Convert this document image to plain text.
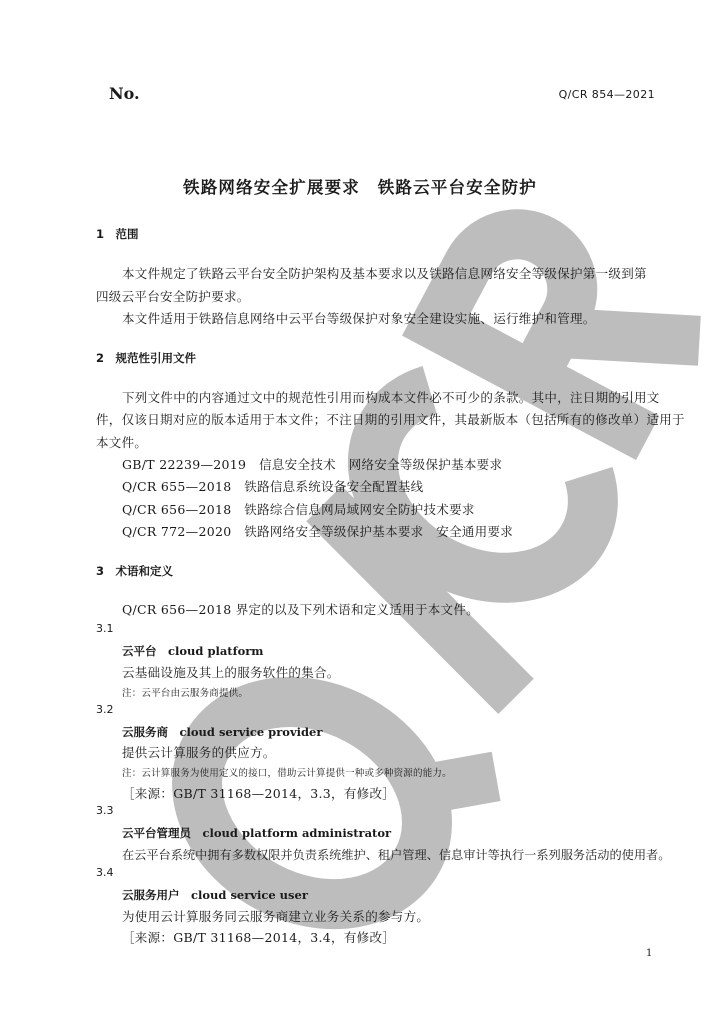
No.	Q/CR 854—2021
铁路网络安全扩展要求　铁路云平台安全防护
1　范围
本文件规定了铁路云平台安全防护架构及基本要求以及铁路信息网络安全等级保护第一级到第
四级云平台安全防护要求。
本文件适用于铁路信息网络中云平台等级保护对象安全建设实施、运行维护和管理。
2　规范性引用文件
下列文件中的内容通过文中的规范性引用而构成本文件必不可少的条款。其中，注日期的引用文
件，仅该日期对应的版本适用于本文件；不注日期的引用文件，其最新版本（包括所有的修改单）适用于
本文件。
GB/T 22239—2019　信息安全技术　网络安全等级保护基本要求
Q/CR 655—2018　铁路信息系统设备安全配置基线
Q/CR 656—2018　铁路综合信息网局域网安全防护技术要求
Q/CR 772—2020　铁路网络安全等级保护基本要求　安全通用要求
3　术语和定义
Q/CR 656—2018 界定的以及下列术语和定义适用于本文件。
3.1
云平台　cloud platform
云基础设施及其上的服务软件的集合。
注：云平台由云服务商提供。
3.2
云服务商　cloud service provider
提供云计算服务的供应方。
注：云计算服务为使用定义的接口，借助云计算提供一种或多种资源的能力。
［来源：GB/T 31168—2014，3.3，有修改］
3.3
云平台管理员　cloud platform administrator
在云平台系统中拥有多数权限并负责系统维护、租户管理、信息审计等执行一系列服务活动的使用者。
3.4
云服务用户　cloud service user
为使用云计算服务同云服务商建立业务关系的参与方。
［来源：GB/T 31168—2014，3.4，有修改］
1
